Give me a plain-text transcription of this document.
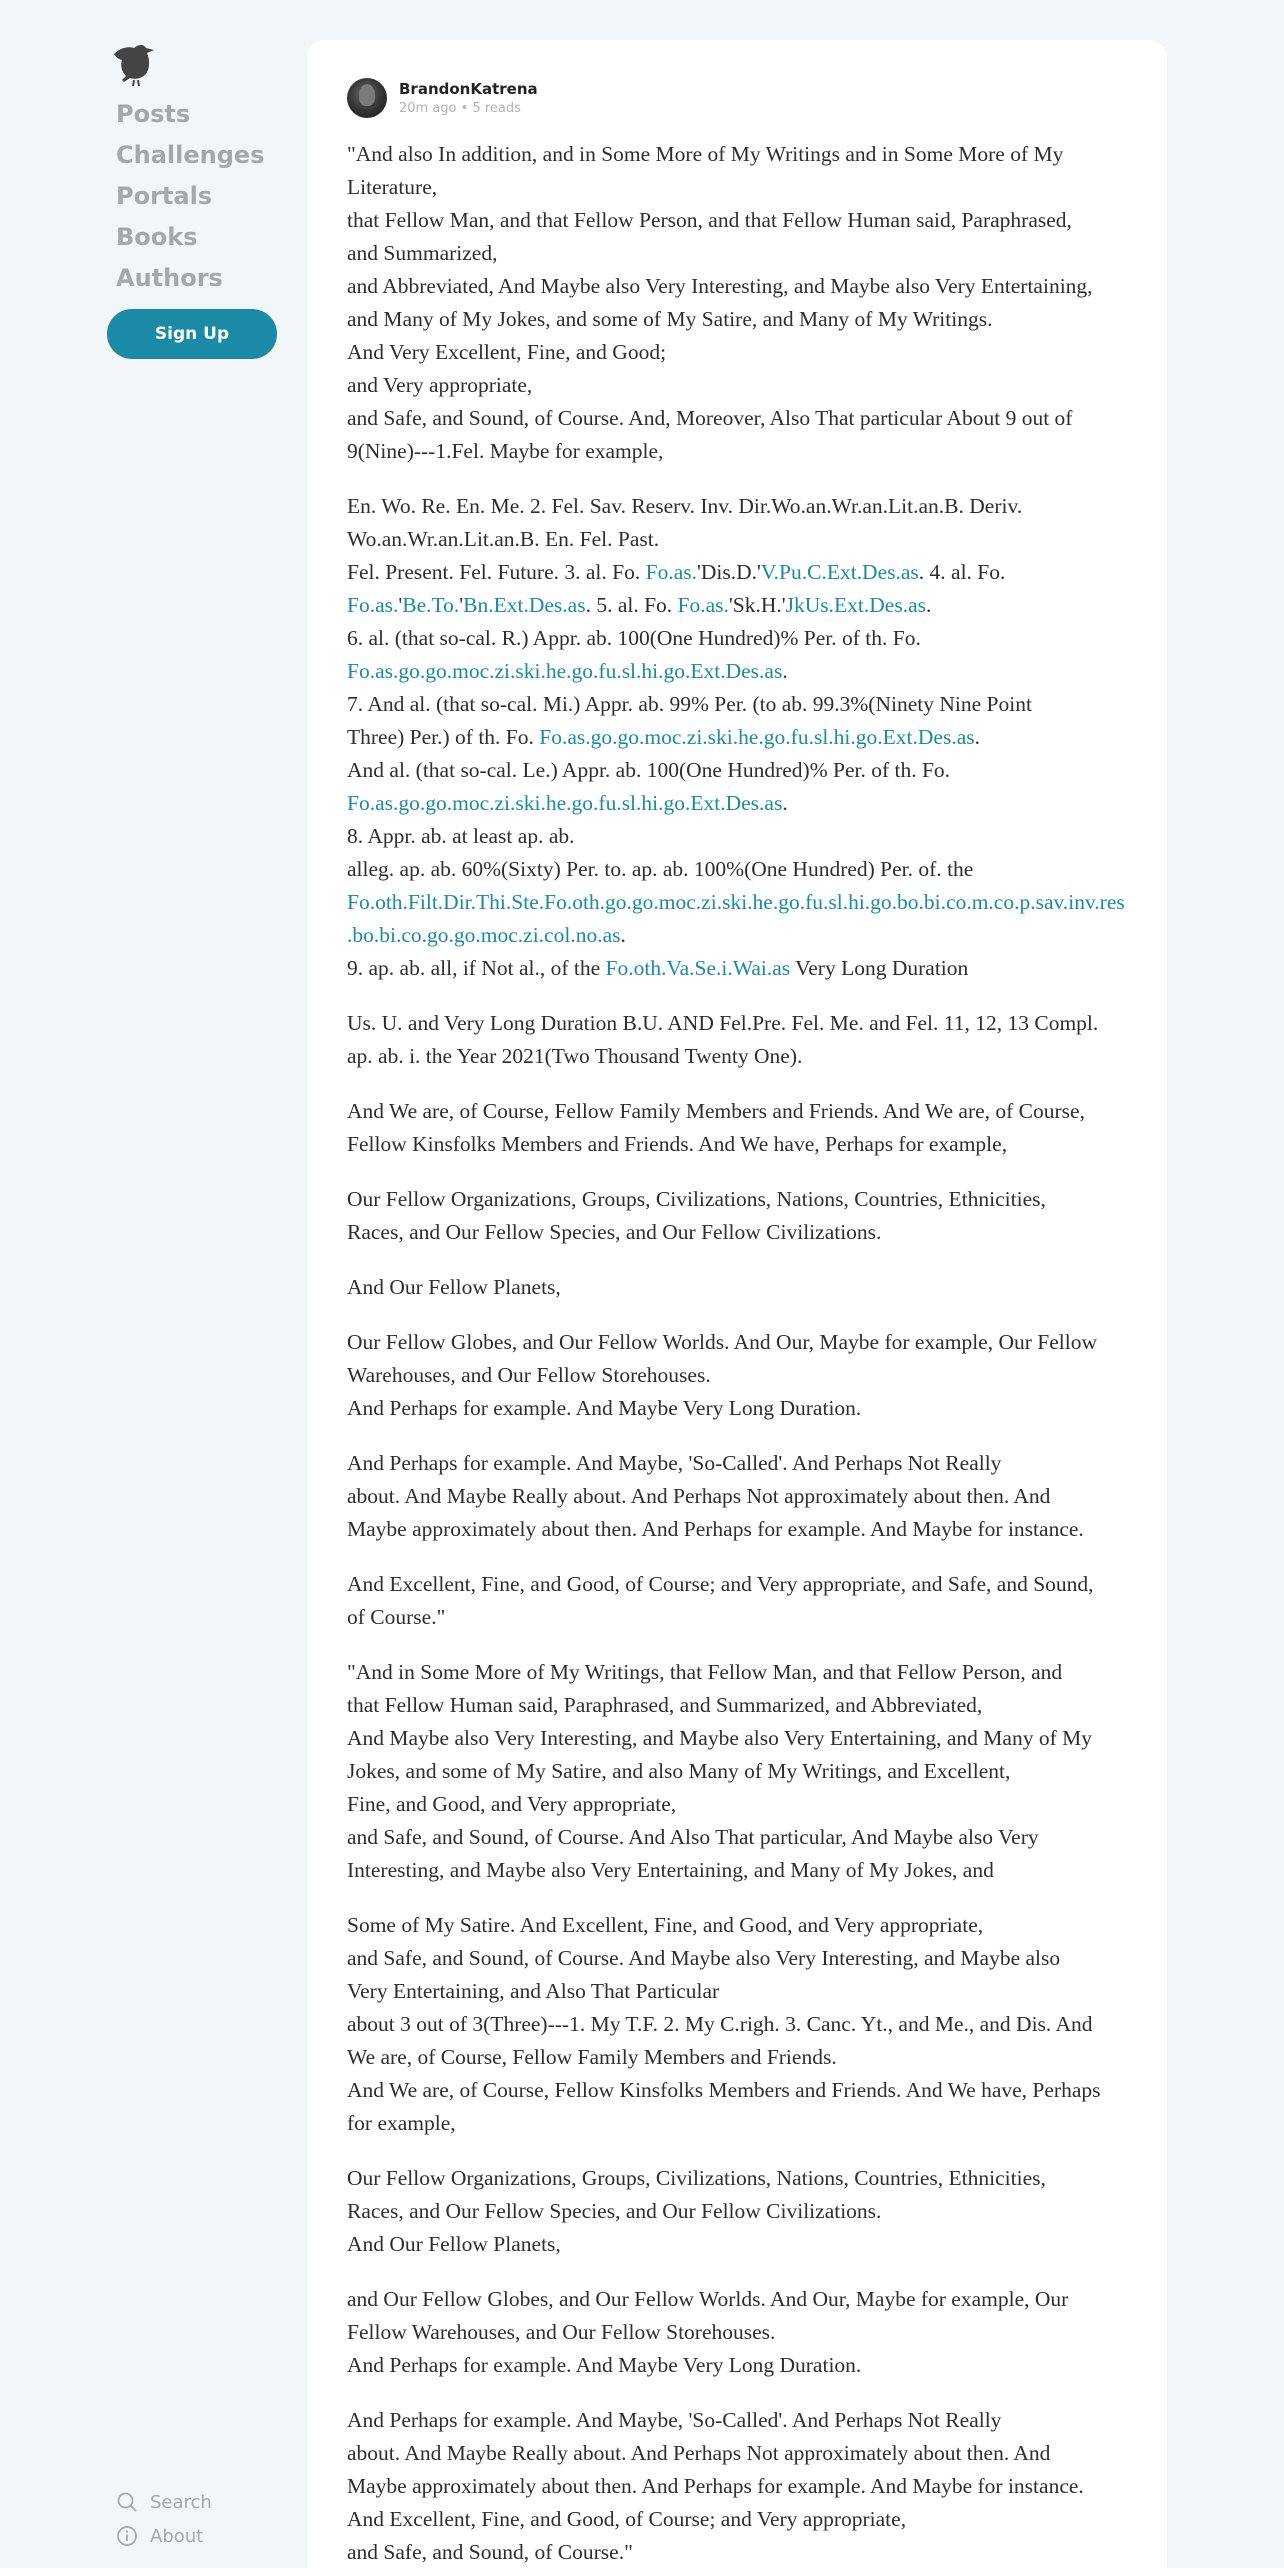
Posts
Challenges
Portals
Books
Authors
Sign Up
Search
About
BrandonKatrena
20m ago • 5 reads

"And also In addition, and in Some More of My Writings and in Some More of My
Literature,
that Fellow Man, and that Fellow Person, and that Fellow Human said, Paraphrased,
and Summarized,
and Abbreviated, And Maybe also Very Interesting, and Maybe also Very Entertaining,
and Many of My Jokes, and some of My Satire, and Many of My Writings.
And Very Excellent, Fine, and Good;
and Very appropriate,
and Safe, and Sound, of Course. And, Moreover, Also That particular About 9 out of
9(Nine)---1.Fel. Maybe for example,

En. Wo. Re. En. Me. 2. Fel. Sav. Reserv. Inv. Dir.Wo.an.Wr.an.Lit.an.B. Deriv.
Wo.an.Wr.an.Lit.an.B. En. Fel. Past.
Fel. Present. Fel. Future. 3. al. Fo. Fo.as.'Dis.D.'V.Pu.C.Ext.Des.as. 4. al. Fo.
Fo.as.'Be.To.'Bn.Ext.Des.as. 5. al. Fo. Fo.as.'Sk.H.'JkUs.Ext.Des.as.
6. al. (that so-cal. R.) Appr. ab. 100(One Hundred)% Per. of th. Fo.
Fo.as.go.go.moc.zi.ski.he.go.fu.sl.hi.go.Ext.Des.as.
7. And al. (that so-cal. Mi.) Appr. ab. 99% Per. (to ab. 99.3%(Ninety Nine Point
Three) Per.) of th. Fo. Fo.as.go.go.moc.zi.ski.he.go.fu.sl.hi.go.Ext.Des.as.
And al. (that so-cal. Le.) Appr. ab. 100(One Hundred)% Per. of th. Fo.
Fo.as.go.go.moc.zi.ski.he.go.fu.sl.hi.go.Ext.Des.as.
8. Appr. ab. at least ap. ab.
alleg. ap. ab. 60%(Sixty) Per. to. ap. ab. 100%(One Hundred) Per. of. the
Fo.oth.Filt.Dir.Thi.Ste.Fo.oth.go.go.moc.zi.ski.he.go.fu.sl.hi.go.bo.bi.co.m.co.p.sav.inv.res
.bo.bi.co.go.go.moc.zi.col.no.as.
9. ap. ab. all, if Not al., of the Fo.oth.Va.Se.i.Wai.as Very Long Duration

Us. U. and Very Long Duration B.U. AND Fel.Pre. Fel. Me. and Fel. 11, 12, 13 Compl.
ap. ab. i. the Year 2021(Two Thousand Twenty One).

And We are, of Course, Fellow Family Members and Friends. And We are, of Course,
Fellow Kinsfolks Members and Friends. And We have, Perhaps for example,

Our Fellow Organizations, Groups, Civilizations, Nations, Countries, Ethnicities,
Races, and Our Fellow Species, and Our Fellow Civilizations.

And Our Fellow Planets,

Our Fellow Globes, and Our Fellow Worlds. And Our, Maybe for example, Our Fellow
Warehouses, and Our Fellow Storehouses.
And Perhaps for example. And Maybe Very Long Duration.

And Perhaps for example. And Maybe, 'So-Called'. And Perhaps Not Really
about. And Maybe Really about. And Perhaps Not approximately about then. And
Maybe approximately about then. And Perhaps for example. And Maybe for instance.

And Excellent, Fine, and Good, of Course; and Very appropriate, and Safe, and Sound,
of Course."

"And in Some More of My Writings, that Fellow Man, and that Fellow Person, and
that Fellow Human said, Paraphrased, and Summarized, and Abbreviated,
And Maybe also Very Interesting, and Maybe also Very Entertaining, and Many of My
Jokes, and some of My Satire, and also Many of My Writings, and Excellent,
Fine, and Good, and Very appropriate,
and Safe, and Sound, of Course. And Also That particular, And Maybe also Very
Interesting, and Maybe also Very Entertaining, and Many of My Jokes, and

Some of My Satire. And Excellent, Fine, and Good, and Very appropriate,
and Safe, and Sound, of Course. And Maybe also Very Interesting, and Maybe also
Very Entertaining, and Also That Particular
about 3 out of 3(Three)---1. My T.F. 2. My C.righ. 3. Canc. Yt., and Me., and Dis. And
We are, of Course, Fellow Family Members and Friends.
And We are, of Course, Fellow Kinsfolks Members and Friends. And We have, Perhaps
for example,

Our Fellow Organizations, Groups, Civilizations, Nations, Countries, Ethnicities,
Races, and Our Fellow Species, and Our Fellow Civilizations.
And Our Fellow Planets,

and Our Fellow Globes, and Our Fellow Worlds. And Our, Maybe for example, Our
Fellow Warehouses, and Our Fellow Storehouses.
And Perhaps for example. And Maybe Very Long Duration.

And Perhaps for example. And Maybe, 'So-Called'. And Perhaps Not Really
about. And Maybe Really about. And Perhaps Not approximately about then. And
Maybe approximately about then. And Perhaps for example. And Maybe for instance.
And Excellent, Fine, and Good, of Course; and Very appropriate,
and Safe, and Sound, of Course."
